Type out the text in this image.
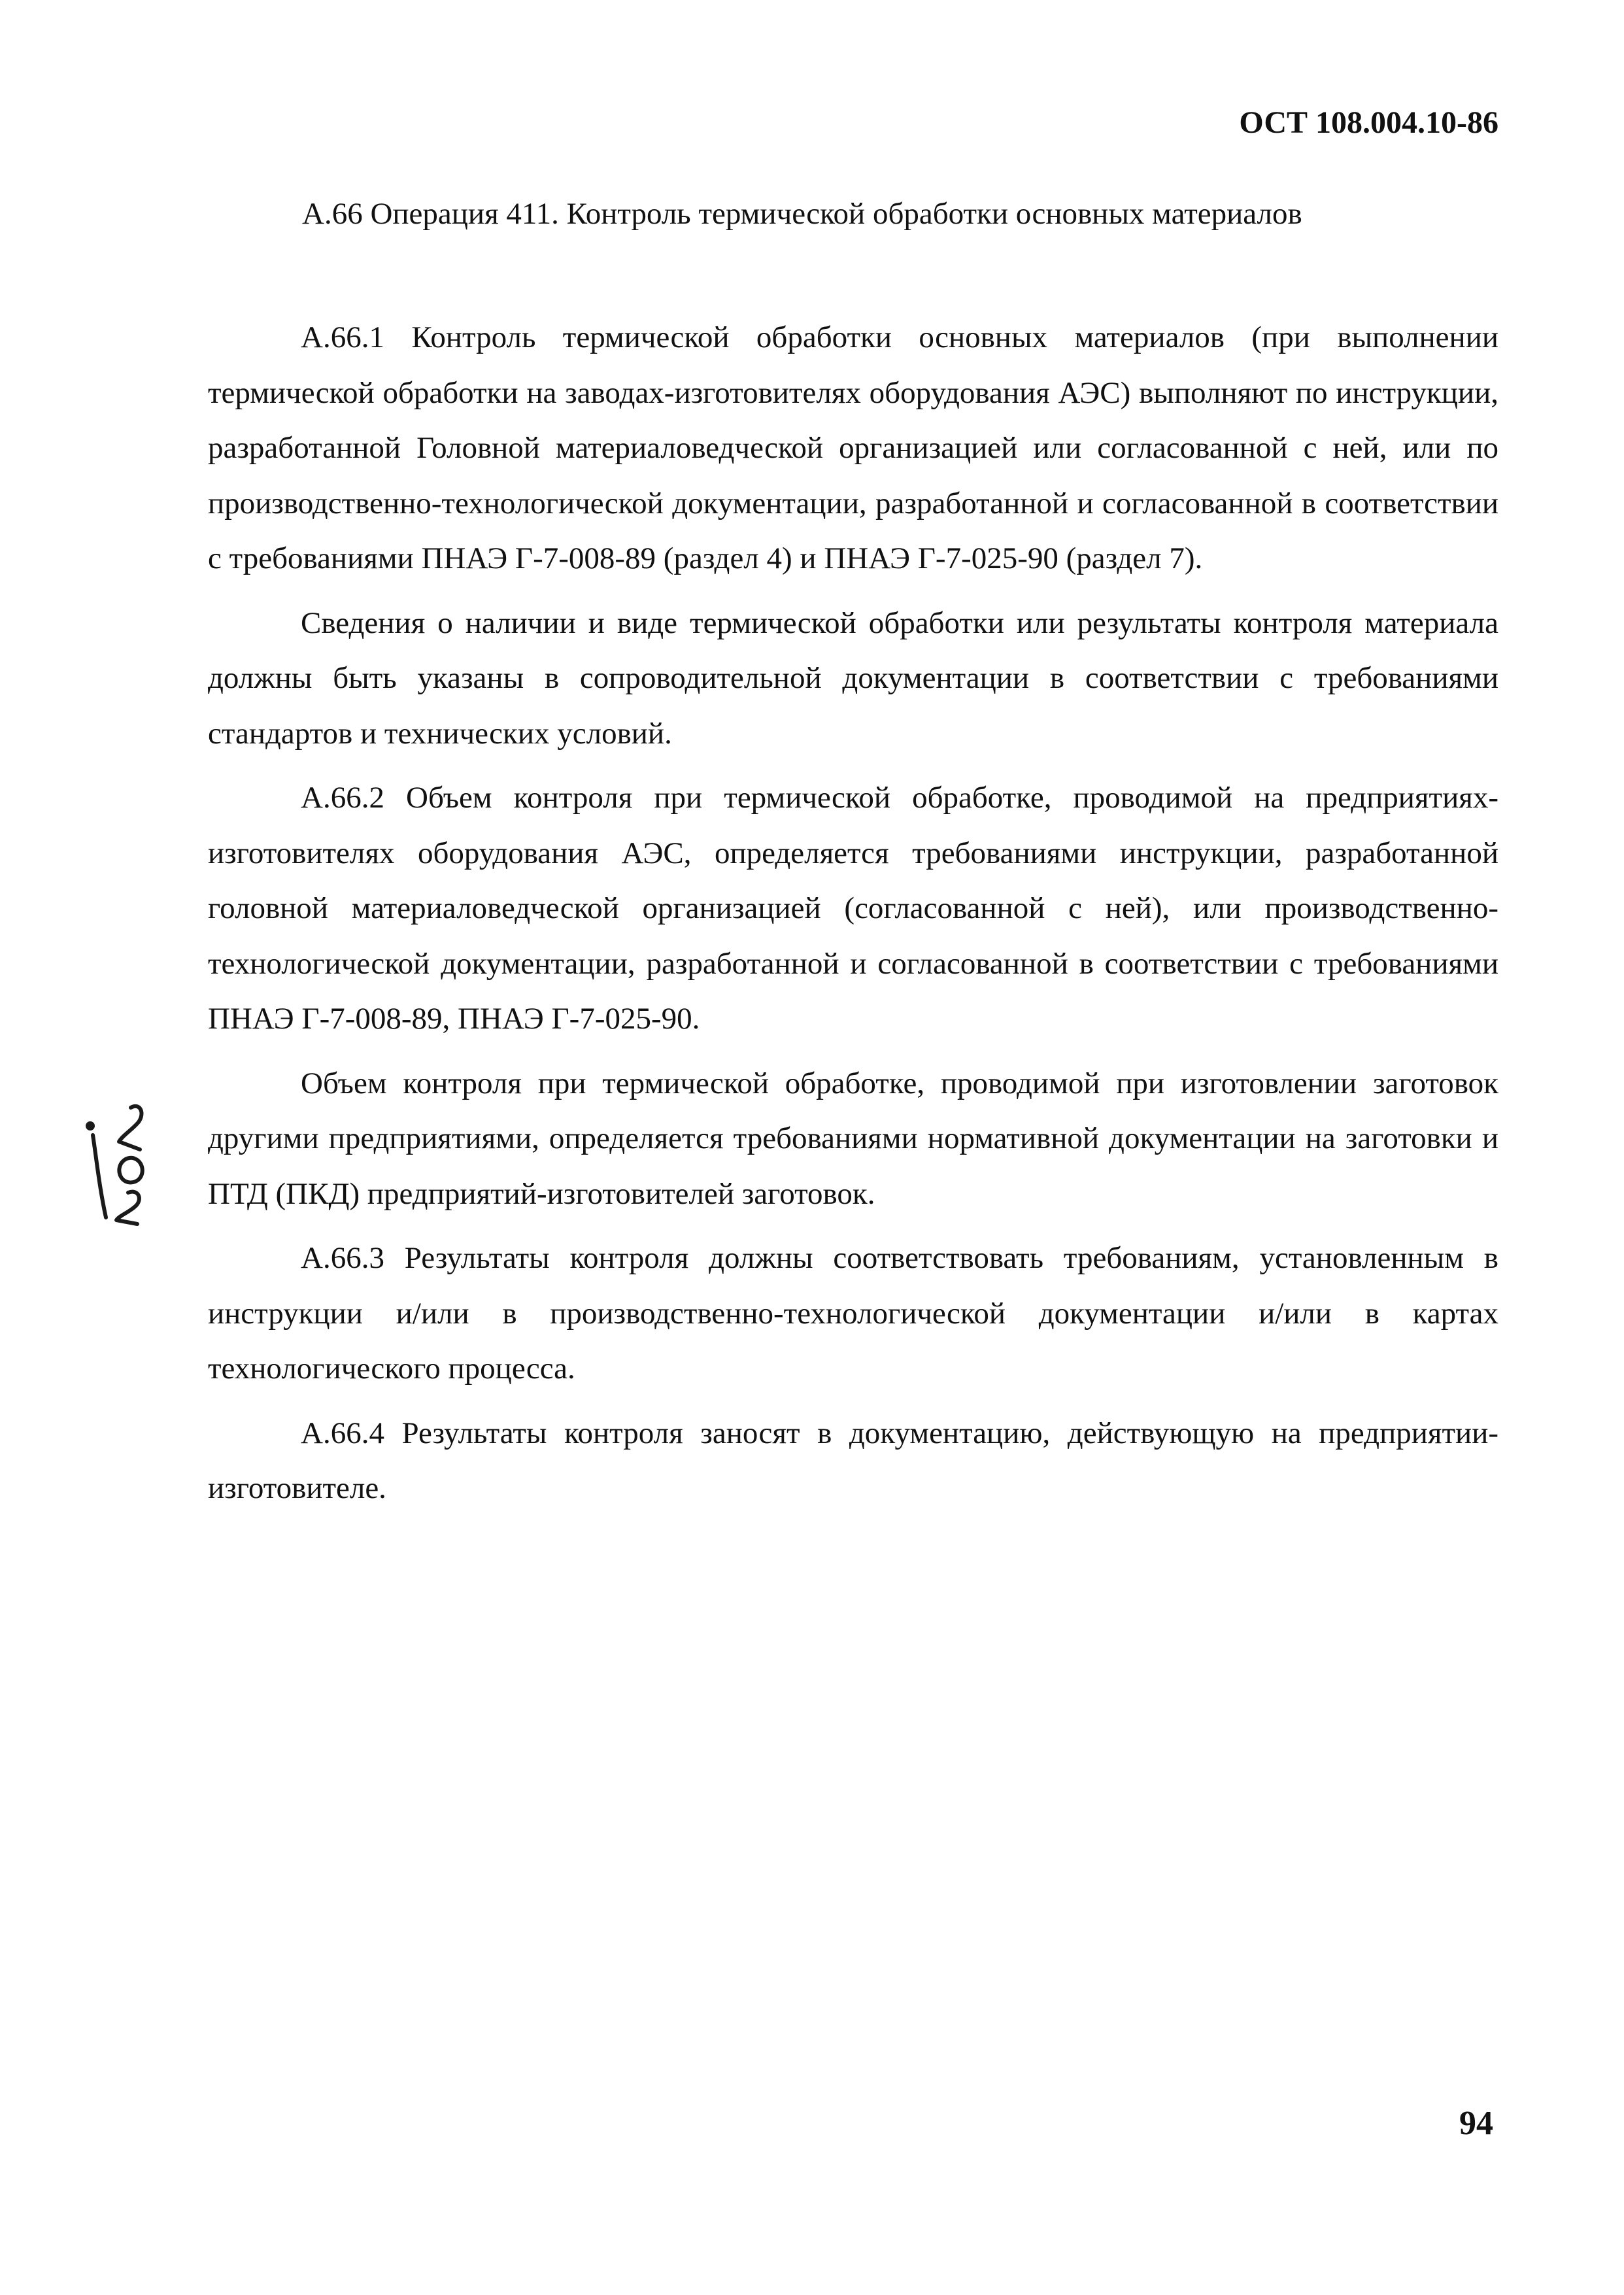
ОСТ 108.004.10-86
А.66 Операция 411. Контроль термической обработки основных материалов

А.66.1 Контроль термической обработки основных материалов (при выполнении термической обработки на заводах-изготовителях оборудования АЭС) выполняют по инструкции, разработанной Головной материаловедческой организацией или согласованной с ней, или по производственно-технологической документации, разработанной и согласованной в соответствии с требованиями ПНАЭ Г-7-008-89 (раздел 4) и ПНАЭ Г-7-025-90 (раздел 7).

Сведения о наличии и виде термической обработки или результаты контроля материала должны быть указаны в сопроводительной документации в соответствии с требованиями стандартов и технических условий.

А.66.2 Объем контроля при термической обработке, проводимой на предприятиях-изготовителях оборудования АЭС, определяется требованиями инструкции, разработанной головной материаловедческой организацией (согласованной с ней), или производственно-технологической документации, разработанной и согласованной в соответствии с требованиями ПНАЭ Г-7-008-89, ПНАЭ Г-7-025-90.

Объем контроля при термической обработке, проводимой при изготовлении заготовок другими предприятиями, определяется требованиями нормативной документации на заготовки и ПТД (ПКД) предприятий-изготовителей заготовок.

А.66.3 Результаты контроля должны соответствовать требованиям, установленным в инструкции и/или в производственно-технологической документации и/или в картах технологического процесса.

А.66.4 Результаты контроля заносят в документацию, действующую на предприятии-изготовителе.

94
